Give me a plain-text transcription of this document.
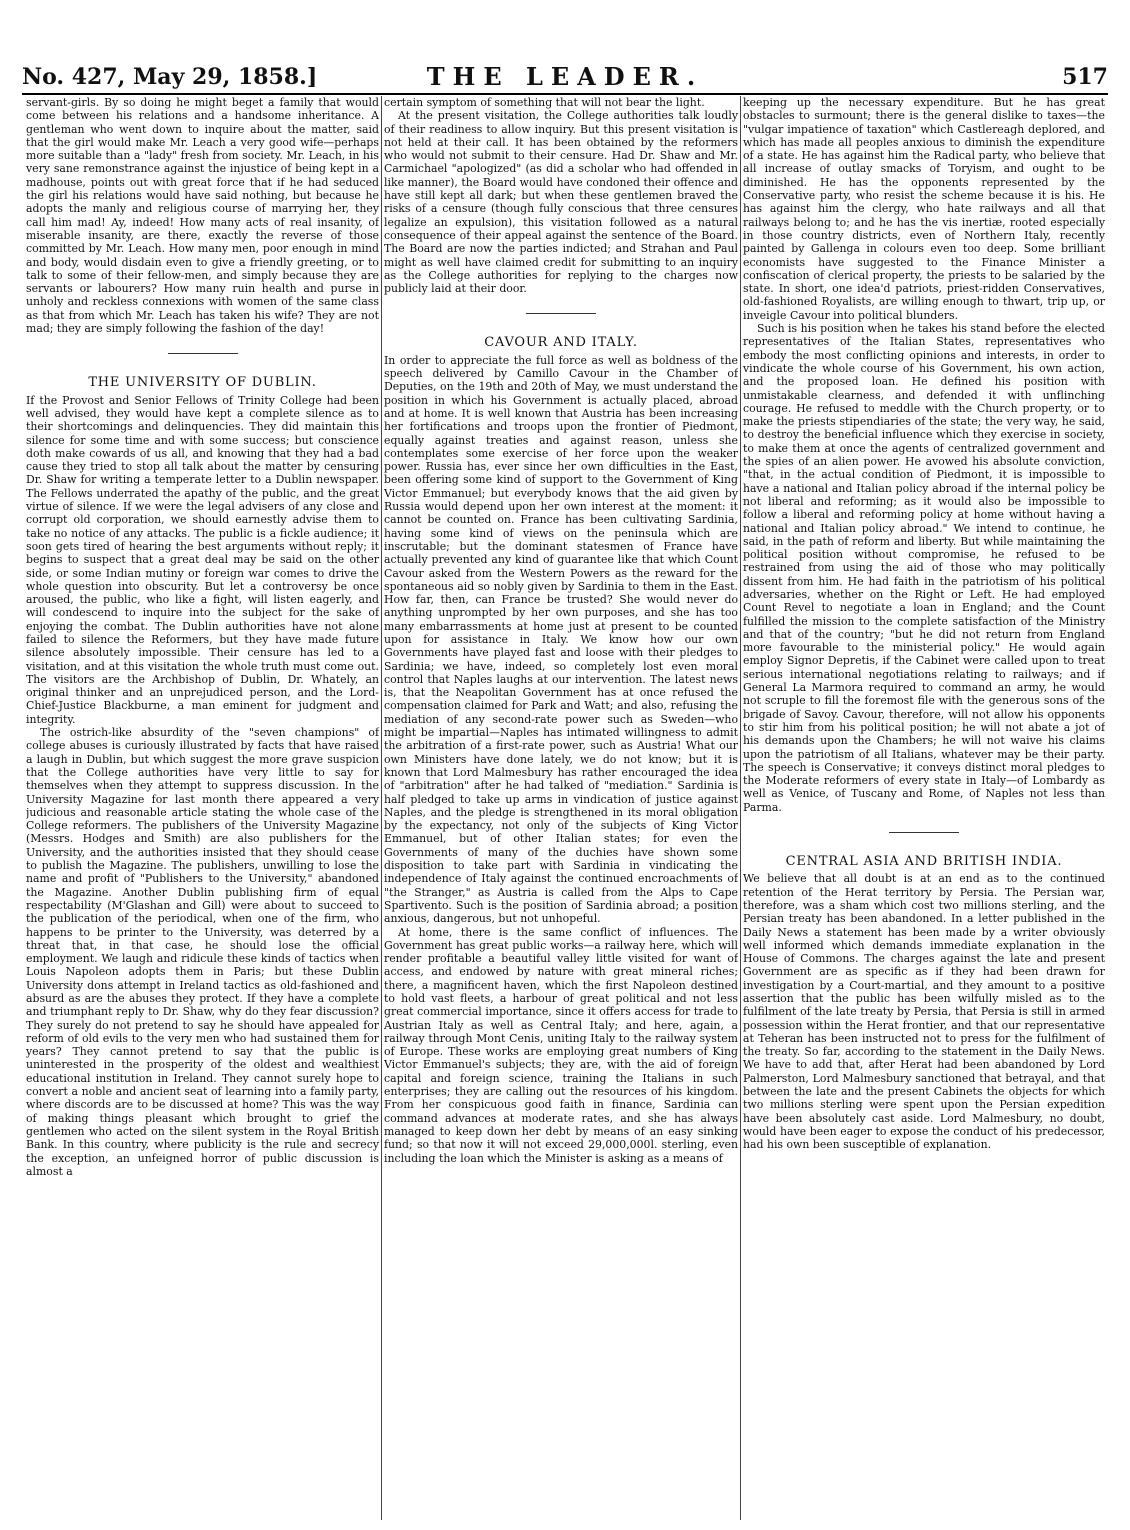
No. 427, May 29, 1858.]	THE LEADER.	517

servant-girls. By so doing he might beget a family that would come between his relations and a handsome inheritance. A gentleman who went down to inquire about the matter, said that the girl would make Mr. Leach a very good wife—perhaps more suitable than a "lady" fresh from society. Mr. Leach, in his very sane remonstrance against the injustice of being kept in a madhouse, points out with great force that if he had seduced the girl his relations would have said nothing, but because he adopts the manly and religious course of marrying her, they call him mad! Ay, indeed! How many acts of real insanity, of miserable insanity, are there, exactly the reverse of those committed by Mr. Leach. How many men, poor enough in mind and body, would disdain even to give a friendly greeting, or to talk to some of their fellow-men, and simply because they are servants or labourers? How many ruin health and purse in unholy and reckless connexions with women of the same class as that from which Mr. Leach has taken his wife? They are not mad; they are simply following the fashion of the day!

THE UNIVERSITY OF DUBLIN.

If the Provost and Senior Fellows of Trinity College had been well advised, they would have kept a complete silence as to their shortcomings and delinquencies. They did maintain this silence for some time and with some success; but conscience doth make cowards of us all, and knowing that they had a bad cause they tried to stop all talk about the matter by censuring Dr. Shaw for writing a temperate letter to a Dublin newspaper. The Fellows underrated the apathy of the public, and the great virtue of silence. If we were the legal advisers of any close and corrupt old corporation, we should earnestly advise them to take no notice of any attacks. The public is a fickle audience; it soon gets tired of hearing the best arguments without reply; it begins to suspect that a great deal may be said on the other side, or some Indian mutiny or foreign war comes to drive the whole question into obscurity. But let a controversy be once aroused, the public, who like a fight, will listen eagerly, and will condescend to inquire into the subject for the sake of enjoying the combat. The Dublin authorities have not alone failed to silence the Reformers, but they have made future silence absolutely impossible. Their censure has led to a visitation, and at this visitation the whole truth must come out. The visitors are the Archbishop of Dublin, Dr. Whately, an original thinker and an unprejudiced person, and the Lord-Chief-Justice Blackburne, a man eminent for judgment and integrity.

The ostrich-like absurdity of the "seven champions" of college abuses is curiously illustrated by facts that have raised a laugh in Dublin, but which suggest the more grave suspicion that the College authorities have very little to say for themselves when they attempt to suppress discussion. In the University Magazine for last month there appeared a very judicious and reasonable article stating the whole case of the College reformers. The publishers of the University Magazine (Messrs. Hodges and Smith) are also publishers for the University, and the authorities insisted that they should cease to publish the Magazine. The publishers, unwilling to lose the name and profit of "Publishers to the University," abandoned the Magazine. Another Dublin publishing firm of equal respectability (M'Glashan and Gill) were about to succeed to the publication of the periodical, when one of the firm, who happens to be printer to the University, was deterred by a threat that, in that case, he should lose the official employment. We laugh and ridicule these kinds of tactics when Louis Napoleon adopts them in Paris; but these Dublin University dons attempt in Ireland tactics as old-fashioned and absurd as are the abuses they protect. If they have a complete and triumphant reply to Dr. Shaw, why do they fear discussion? They surely do not pretend to say he should have appealed for reform of old evils to the very men who had sustained them for years? They cannot pretend to say that the public is uninterested in the prosperity of the oldest and wealthiest educational institution in Ireland. They cannot surely hope to convert a noble and ancient seat of learning into a family party, where discords are to be discussed at home? This was the way of making things pleasant which brought to grief the gentlemen who acted on the silent system in the Royal British Bank. In this country, where publicity is the rule and secrecy the exception, an unfeigned horror of public discussion is almost a

certain symptom of something that will not bear the light.

At the present visitation, the College authorities talk loudly of their readiness to allow inquiry. But this present visitation is not held at their call. It has been obtained by the reformers who would not submit to their censure. Had Dr. Shaw and Mr. Carmichael "apologized" (as did a scholar who had offended in like manner), the Board would have condoned their offence and have still kept all dark; but when these gentlemen braved the risks of a censure (though fully conscious that three censures legalize an expulsion), this visitation followed as a natural consequence of their appeal against the sentence of the Board. The Board are now the parties indicted; and Strahan and Paul might as well have claimed credit for submitting to an inquiry as the College authorities for replying to the charges now publicly laid at their door.

CAVOUR AND ITALY.

In order to appreciate the full force as well as boldness of the speech delivered by Camillo Cavour in the Chamber of Deputies, on the 19th and 20th of May, we must understand the position in which his Government is actually placed, abroad and at home. It is well known that Austria has been increasing her fortifications and troops upon the frontier of Piedmont, equally against treaties and against reason, unless she contemplates some exercise of her force upon the weaker power. Russia has, ever since her own difficulties in the East, been offering some kind of support to the Government of King Victor Emmanuel; but everybody knows that the aid given by Russia would depend upon her own interest at the moment: it cannot be counted on. France has been cultivating Sardinia, having some kind of views on the peninsula which are inscrutable; but the dominant statesmen of France have actually prevented any kind of guarantee like that which Count Cavour asked from the Western Powers as the reward for the spontaneous aid so nobly given by Sardinia to them in the East. How far, then, can France be trusted? She would never do anything unprompted by her own purposes, and she has too many embarrassments at home just at present to be counted upon for assistance in Italy. We know how our own Governments have played fast and loose with their pledges to Sardinia; we have, indeed, so completely lost even moral control that Naples laughs at our intervention. The latest news is, that the Neapolitan Government has at once refused the compensation claimed for Park and Watt; and also, refusing the mediation of any second-rate power such as Sweden—who might be impartial—Naples has intimated willingness to admit the arbitration of a first-rate power, such as Austria! What our own Ministers have done lately, we do not know; but it is known that Lord Malmesbury has rather encouraged the idea of "arbitration" after he had talked of "mediation." Sardinia is half pledged to take up arms in vindication of justice against Naples, and the pledge is strengthened in its moral obligation by the expectancy, not only of the subjects of King Victor Emmanuel, but of other Italian states; for even the Governments of many of the duchies have shown some disposition to take part with Sardinia in vindicating the independence of Italy against the continued encroachments of "the Stranger," as Austria is called from the Alps to Cape Spartivento. Such is the position of Sardinia abroad; a position anxious, dangerous, but not unhopeful.

At home, there is the same conflict of influences. The Government has great public works—a railway here, which will render profitable a beautiful valley little visited for want of access, and endowed by nature with great mineral riches; there, a magnificent haven, which the first Napoleon destined to hold vast fleets, a harbour of great political and not less great commercial importance, since it offers access for trade to Austrian Italy as well as Central Italy; and here, again, a railway through Mont Cenis, uniting Italy to the railway system of Europe. These works are employing great numbers of King Victor Emmanuel's subjects; they are, with the aid of foreign capital and foreign science, training the Italians in such enterprises; they are calling out the resources of his kingdom. From her conspicuous good faith in finance, Sardinia can command advances at moderate rates, and she has always managed to keep down her debt by means of an easy sinking fund; so that now it will not exceed 29,000,000l. sterling, even including the loan which the Minister is asking as a means of

keeping up the necessary expenditure. But he has great obstacles to surmount; there is the general dislike to taxes—the "vulgar impatience of taxation" which Castlereagh deplored, and which has made all peoples anxious to diminish the expenditure of a state. He has against him the Radical party, who believe that all increase of outlay smacks of Toryism, and ought to be diminished. He has the opponents represented by the Conservative party, who resist the scheme because it is his. He has against him the clergy, who hate railways and all that railways belong to; and he has the vis inertiæ, rooted especially in those country districts, even of Northern Italy, recently painted by Gallenga in colours even too deep. Some brilliant economists have suggested to the Finance Minister a confiscation of clerical property, the priests to be salaried by the state. In short, one idea'd patriots, priest-ridden Conservatives, old-fashioned Royalists, are willing enough to thwart, trip up, or inveigle Cavour into political blunders.

Such is his position when he takes his stand before the elected representatives of the Italian States, representatives who embody the most conflicting opinions and interests, in order to vindicate the whole course of his Government, his own action, and the proposed loan. He defined his position with unmistakable clearness, and defended it with unflinching courage. He refused to meddle with the Church property, or to make the priests stipendiaries of the state; the very way, he said, to destroy the beneficial influence which they exercise in society, to make them at once the agents of centralized government and the spies of an alien power. He avowed his absolute conviction, "that, in the actual condition of Piedmont, it is impossible to have a national and Italian policy abroad if the internal policy be not liberal and reforming; as it would also be impossible to follow a liberal and reforming policy at home without having a national and Italian policy abroad." We intend to continue, he said, in the path of reform and liberty. But while maintaining the political position without compromise, he refused to be restrained from using the aid of those who may politically dissent from him. He had faith in the patriotism of his political adversaries, whether on the Right or Left. He had employed Count Revel to negotiate a loan in England; and the Count fulfilled the mission to the complete satisfaction of the Ministry and that of the country; "but he did not return from England more favourable to the ministerial policy." He would again employ Signor Depretis, if the Cabinet were called upon to treat serious international negotiations relating to railways; and if General La Marmora required to command an army, he would not scruple to fill the foremost file with the generous sons of the brigade of Savoy. Cavour, therefore, will not allow his opponents to stir him from his political position; he will not abate a jot of his demands upon the Chambers; he will not waive his claims upon the patriotism of all Italians, whatever may be their party. The speech is Conservative; it conveys distinct moral pledges to the Moderate reformers of every state in Italy—of Lombardy as well as Venice, of Tuscany and Rome, of Naples not less than Parma.

CENTRAL ASIA AND BRITISH INDIA.

We believe that all doubt is at an end as to the continued retention of the Herat territory by Persia. The Persian war, therefore, was a sham which cost two millions sterling, and the Persian treaty has been abandoned. In a letter published in the Daily News a statement has been made by a writer obviously well informed which demands immediate explanation in the House of Commons. The charges against the late and present Government are as specific as if they had been drawn for investigation by a Court-martial, and they amount to a positive assertion that the public has been wilfully misled as to the fulfilment of the late treaty by Persia, that Persia is still in armed possession within the Herat frontier, and that our representative at Teheran has been instructed not to press for the fulfilment of the treaty. So far, according to the statement in the Daily News. We have to add that, after Herat had been abandoned by Lord Palmerston, Lord Malmesbury sanctioned that betrayal, and that between the late and the present Cabinets the objects for which two millions sterling were spent upon the Persian expedition have been absolutely cast aside. Lord Malmesbury, no doubt, would have been eager to expose the conduct of his predecessor, had his own been susceptible of explanation.
